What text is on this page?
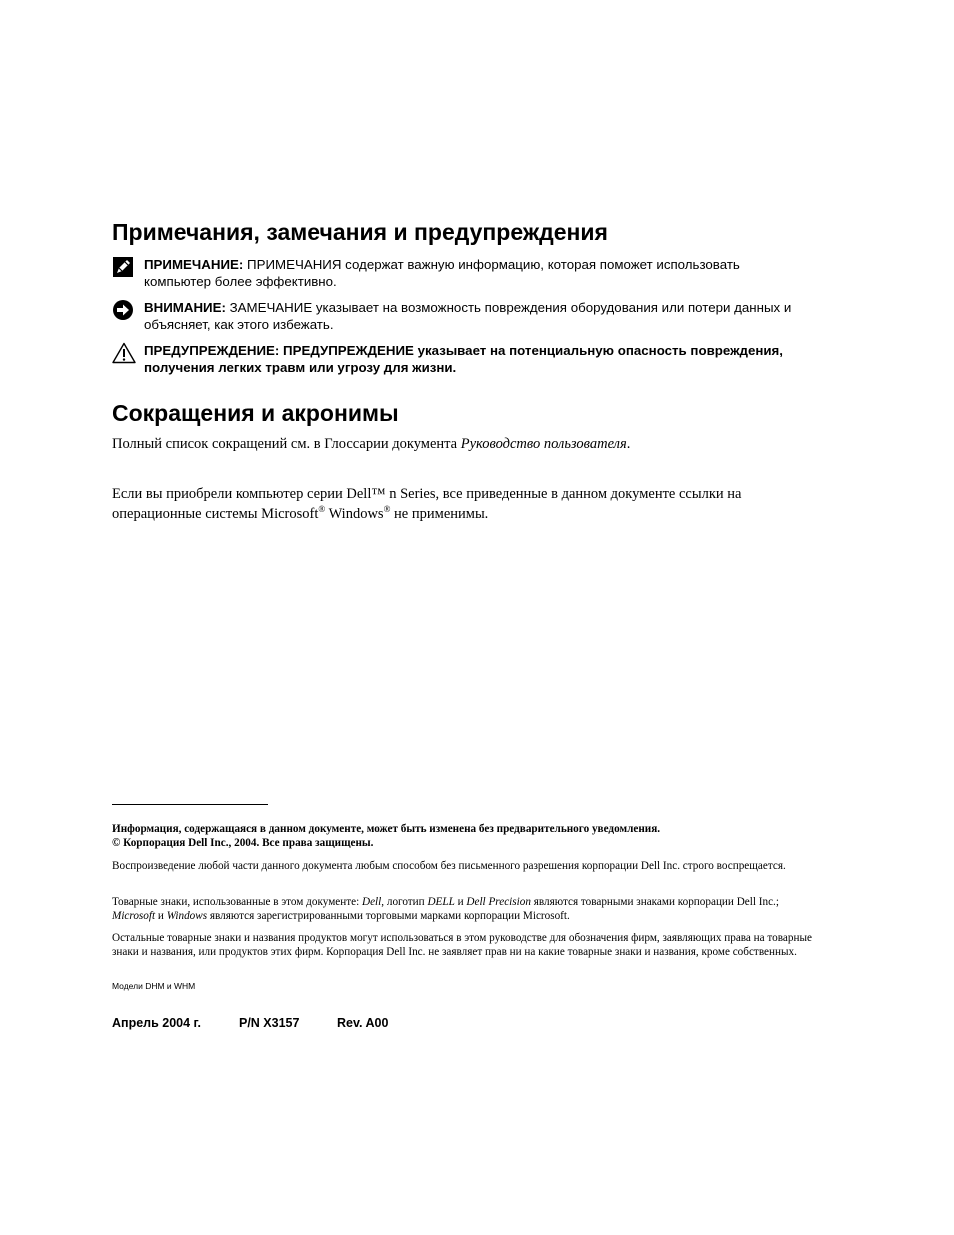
Примечания, замечания и предупреждения

ПРИМЕЧАНИЕ: ПРИМЕЧАНИЯ содержат важную информацию, которая поможет использовать компьютер более эффективно.

ВНИМАНИЕ: ЗАМЕЧАНИЕ указывает на возможность повреждения оборудования или потери данных и объясняет, как этого избежать.

ПРЕДУПРЕЖДЕНИЕ: ПРЕДУПРЕЖДЕНИЕ указывает на потенциальную опасность повреждения, получения легких травм или угрозу для жизни.

Сокращения и акронимы

Полный список сокращений см. в Глоссарии документа Руководство пользователя.

Если вы приобрели компьютер серии Dell™ n Series, все приведенные в данном документе ссылки на операционные системы Microsoft® Windows® не применимы.

Информация, содержащаяся в данном документе, может быть изменена без предварительного уведомления.
© Корпорация Dell Inc., 2004. Все права защищены.

Воспроизведение любой части данного документа любым способом без письменного разрешения корпорации Dell Inc. строго воспрещается.

Товарные знаки, использованные в этом документе: Dell, логотип DELL и Dell Precision являются товарными знаками корпорации Dell Inc.; Microsoft и Windows являются зарегистрированными торговыми марками корпорации Microsoft.

Остальные товарные знаки и названия продуктов могут использоваться в этом руководстве для обозначения фирм, заявляющих права на товарные знаки и названия, или продуктов этих фирм. Корпорация Dell Inc. не заявляет прав ни на какие товарные знаки и названия, кроме собственных.

Модели DHM и WHM

Апрель 2004 г.	P/N X3157	Rev. A00
